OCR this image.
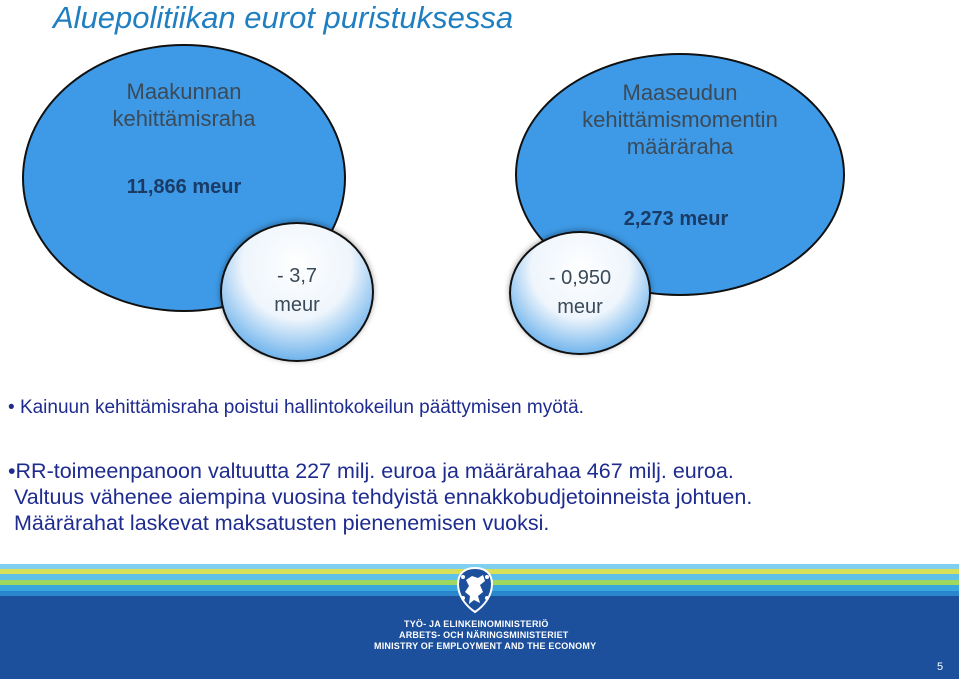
Aluepolitiikan eurot puristuksessa
Maakunnan
kehittämisraha
11,866 meur
Maaseudun
kehittämismomentin
määräraha
2,273 meur
- 3,7
meur
- 0,950
meur
• Kainuun kehittämisraha poistui hallintokokeilun päättymisen myötä.
•RR-toimeenpanoon valtuutta 227 milj. euroa ja määrärahaa 467 milj. euroa.
Valtuus vähenee aiempina vuosina tehdyistä ennakkobudjetoinneista johtuen.
Määrärahat laskevat maksatusten pienenemisen vuoksi.
TYÖ- JA ELINKEINOMINISTERIÖ
ARBETS- OCH NÄRINGSMINISTERIET
MINISTRY OF EMPLOYMENT AND THE ECONOMY
5
